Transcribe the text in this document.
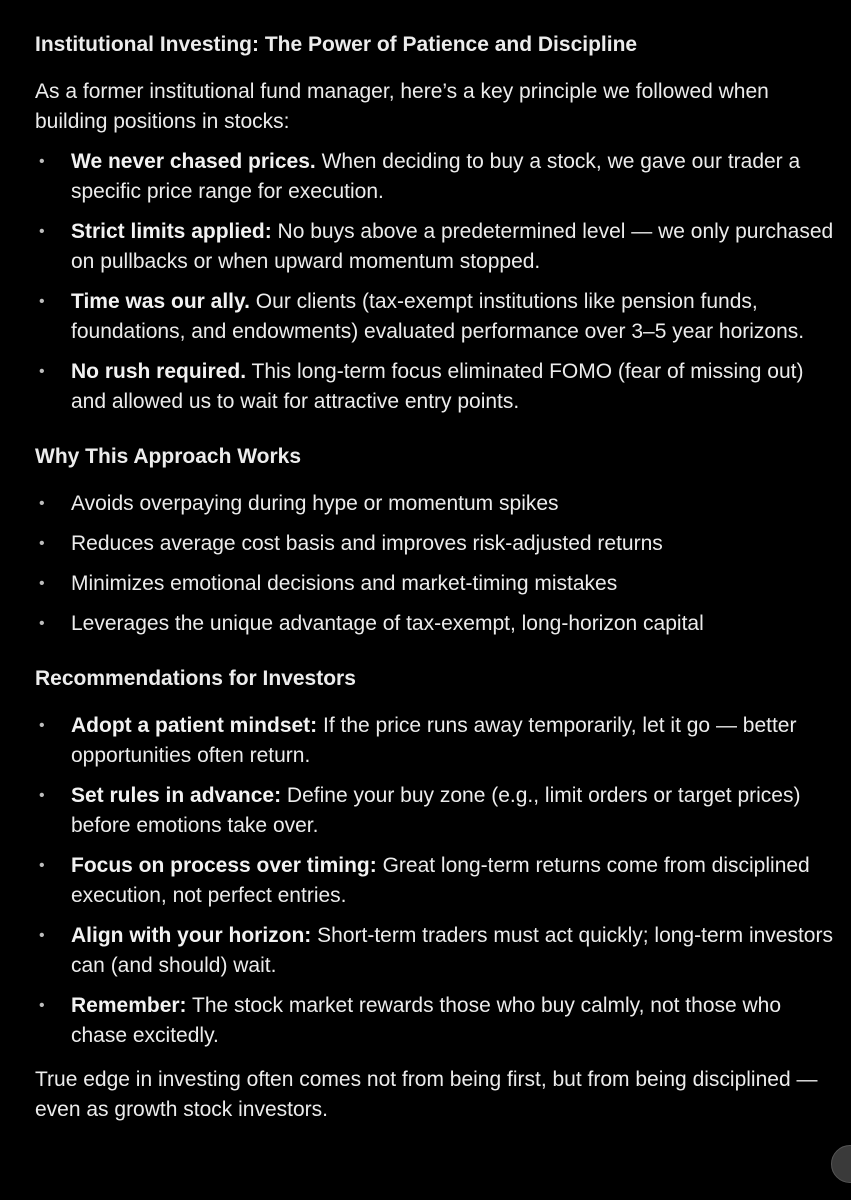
Institutional Investing: The Power of Patience and Discipline

As a former institutional fund manager, here’s a key principle we followed when building positions in stocks:

• We never chased prices. When deciding to buy a stock, we gave our trader a specific price range for execution.
• Strict limits applied: No buys above a predetermined level — we only purchased on pullbacks or when upward momentum stopped.
• Time was our ally. Our clients (tax-exempt institutions like pension funds, foundations, and endowments) evaluated performance over 3–5 year horizons.
• No rush required. This long-term focus eliminated FOMO (fear of missing out) and allowed us to wait for attractive entry points.
Why This Approach Works
• Avoids overpaying during hype or momentum spikes
• Reduces average cost basis and improves risk-adjusted returns
• Minimizes emotional decisions and market-timing mistakes
• Leverages the unique advantage of tax-exempt, long-horizon capital
Recommendations for Investors
• Adopt a patient mindset: If the price runs away temporarily, let it go — better opportunities often return.
• Set rules in advance: Define your buy zone (e.g., limit orders or target prices) before emotions take over.
• Focus on process over timing: Great long-term returns come from disciplined execution, not perfect entries.
• Align with your horizon: Short-term traders must act quickly; long-term investors can (and should) wait.
• Remember: The stock market rewards those who buy calmly, not those who chase excitedly.

True edge in investing often comes not from being first, but from being disciplined — even as growth stock investors.
